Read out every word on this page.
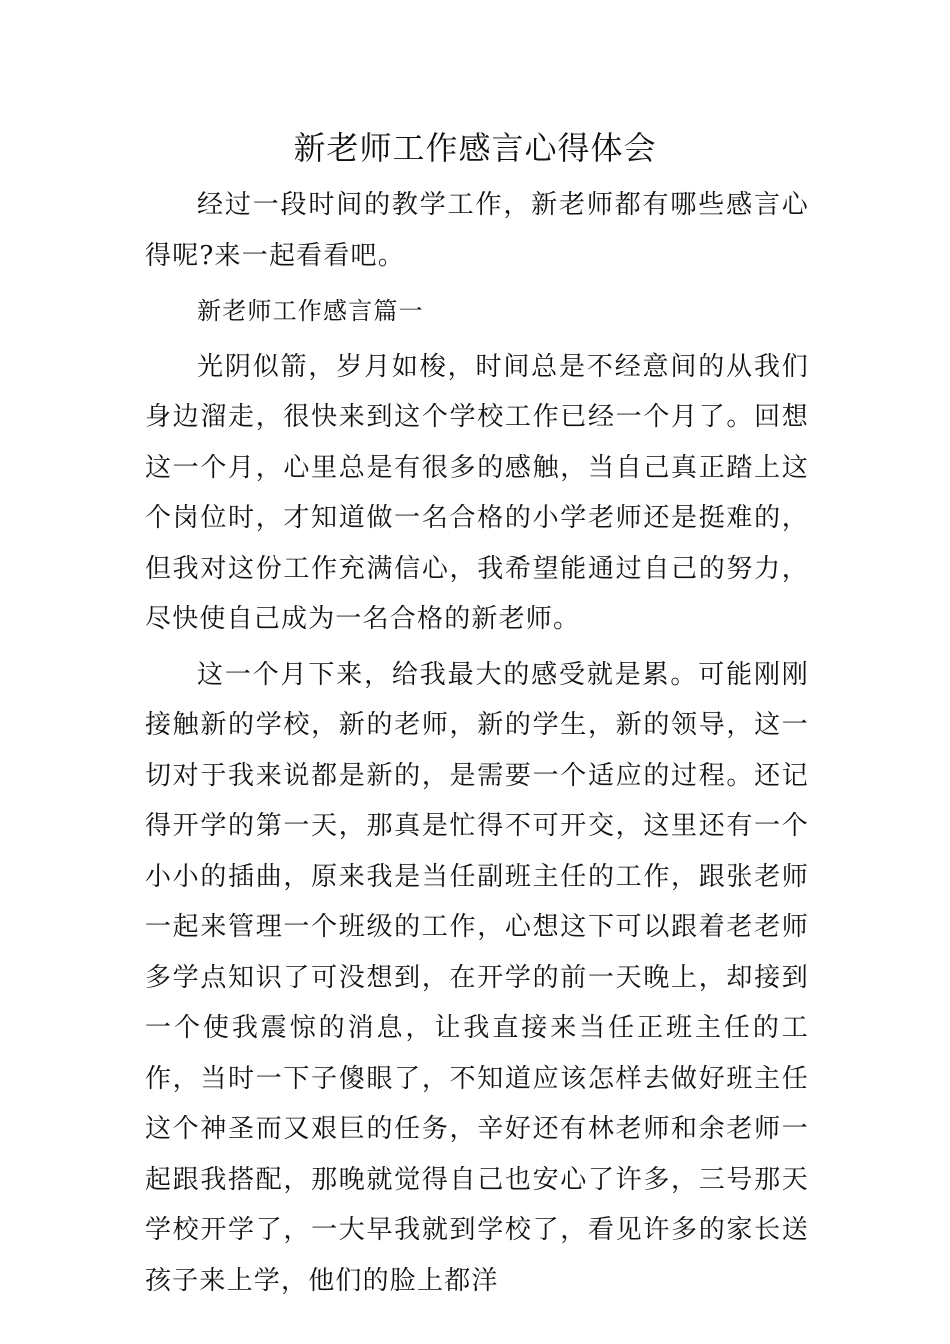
新老师工作感言心得体会

经过一段时间的教学工作，新老师都有哪些感言心得呢?来一起看看吧。

新老师工作感言篇一

光阴似箭，岁月如梭，时间总是不经意间的从我们身边溜走，很快来到这个学校工作已经一个月了。回想这一个月，心里总是有很多的感触，当自己真正踏上这个岗位时，才知道做一名合格的小学老师还是挺难的，但我对这份工作充满信心，我希望能通过自己的努力，尽快使自己成为一名合格的新老师。

这一个月下来，给我最大的感受就是累。可能刚刚接触新的学校，新的老师，新的学生，新的领导，这一切对于我来说都是新的，是需要一个适应的过程。还记得开学的第一天，那真是忙得不可开交，这里还有一个小小的插曲，原来我是当任副班主任的工作，跟张老师一起来管理一个班级的工作，心想这下可以跟着老老师多学点知识了可没想到，在开学的前一天晚上，却接到一个使我震惊的消息，让我直接来当任正班主任的工作，当时一下子傻眼了，不知道应该怎样去做好班主任这个神圣而又艰巨的任务，辛好还有林老师和余老师一起跟我搭配，那晚就觉得自己也安心了许多，三号那天学校开学了，一大早我就到学校了，看见许多的家长送孩子来上学，他们的脸上都洋
